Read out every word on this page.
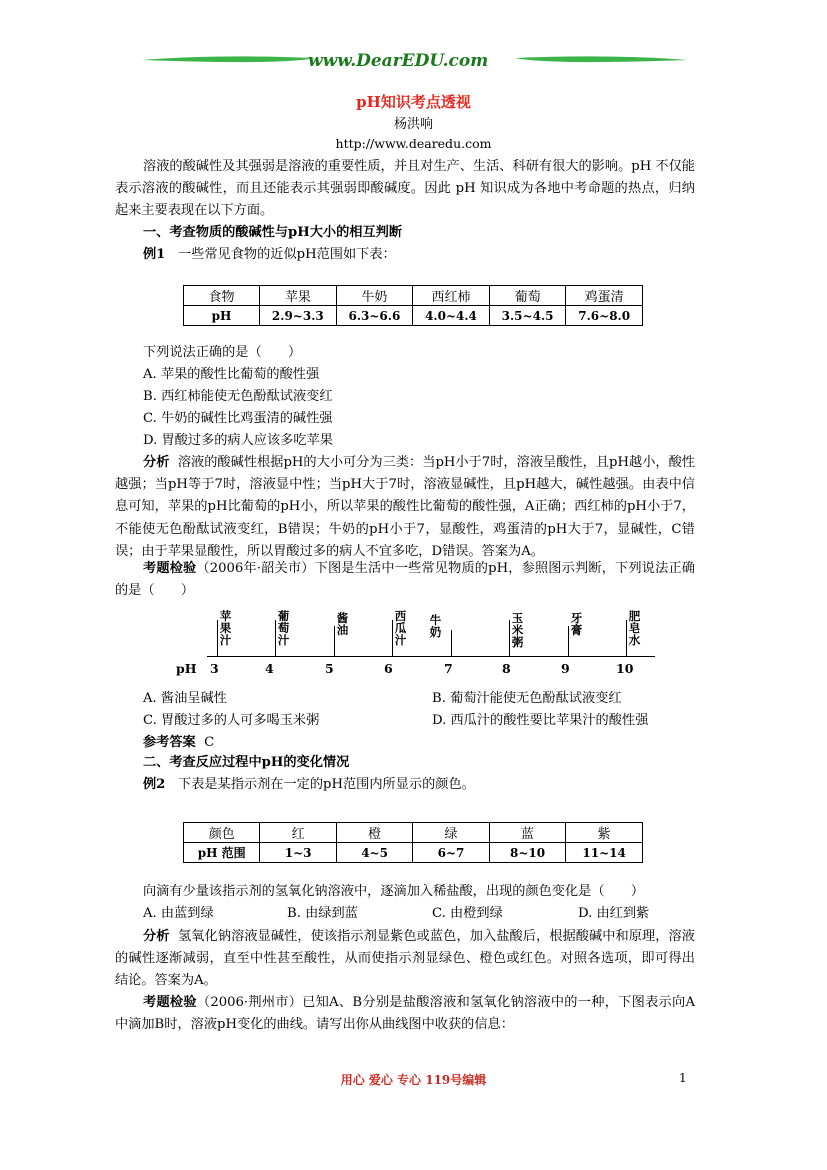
www.DearEDU.com
pH知识考点透视
杨洪响
http://www.dearedu.com
溶液的酸碱性及其强弱是溶液的重要性质，并且对生产、生活、科研有很大的影响。pH 不仅能表示溶液的酸碱性，而且还能表示其强弱即酸碱度。因此 pH 知识成为各地中考命题的热点，归纳起来主要表现在以下方面。
一、考查物质的酸碱性与pH大小的相互判断
例1 一些常见食物的近似pH范围如下表：
食物	苹果	牛奶	西红柿	葡萄	鸡蛋清
pH	2.9~3.3	6.3~6.6	4.0~4.4	3.5~4.5	7.6~8.0
下列说法正确的是（　　）
A. 苹果的酸性比葡萄的酸性强
B. 西红柿能使无色酚酞试液变红
C. 牛奶的碱性比鸡蛋清的碱性强
D. 胃酸过多的病人应该多吃苹果
分析 溶液的酸碱性根据pH的大小可分为三类：当pH小于7时，溶液呈酸性，且pH越小，酸性越强；当pH等于7时，溶液显中性；当pH大于7时，溶液显碱性，且pH越大，碱性越强。由表中信息可知，苹果的pH比葡萄的pH小，所以苹果的酸性比葡萄的酸性强，A正确；西红柿的pH小于7，不能使无色酚酞试液变红，B错误；牛奶的pH小于7，显酸性，鸡蛋清的pH大于7，显碱性，C错误；由于苹果显酸性，所以胃酸过多的病人不宜多吃，D错误。答案为A。
考题检验（2006年·韶关市）下图是生活中一些常见物质的pH，参照图示判断，下列说法正确的是（　　）
pH 3	4	5	6	7	8	9	10
苹果汁
葡萄汁
酱油
西瓜汁
牛奶
玉米粥
牙膏
肥皂水
A. 酱油呈碱性	B. 葡萄汁能使无色酚酞试液变红
C. 胃酸过多的人可多喝玉米粥	D. 西瓜汁的酸性要比苹果汁的酸性强
参考答案 C
二、考查反应过程中pH的变化情况
例2 下表是某指示剂在一定的pH范围内所显示的颜色。
颜色	红	橙	绿	蓝	紫
pH 范围	1~3	4~5	6~7	8~10	11~14
向滴有少量该指示剂的氢氧化钠溶液中，逐滴加入稀盐酸，出现的颜色变化是（　　）
A. 由蓝到绿	B. 由绿到蓝	C. 由橙到绿	D. 由红到紫
分析 氢氧化钠溶液显碱性，使该指示剂显紫色或蓝色，加入盐酸后，根据酸碱中和原理，溶液的碱性逐渐减弱，直至中性甚至酸性，从而使指示剂显绿色、橙色或红色。对照各选项，即可得出结论。答案为A。
考题检验（2006·荆州市）已知A、B分别是盐酸溶液和氢氧化钠溶液中的一种，下图表示向A中滴加B时，溶液pH变化的曲线。请写出你从曲线图中收获的信息：
用心 爱心 专心 119号编辑	1
